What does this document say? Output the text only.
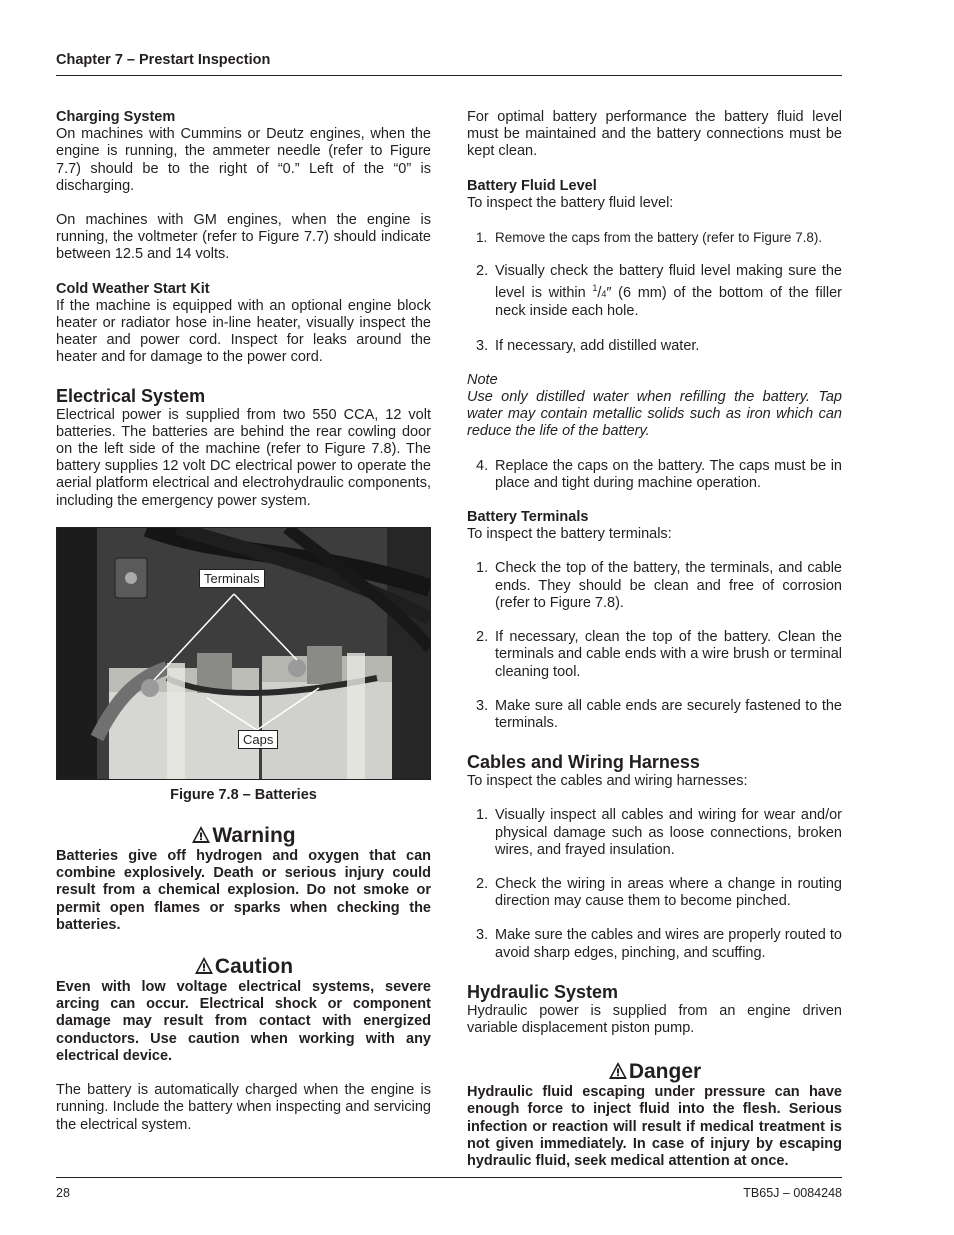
Chapter 7 – Prestart Inspection

Charging System

On machines with Cummins or Deutz engines, when the engine is running, the ammeter needle (refer to Figure 7.7) should be to the right of “0.” Left of the “0” is discharging.

On machines with GM engines, when the engine is running, the voltmeter (refer to Figure 7.7) should indicate between 12.5 and 14 volts.

Cold Weather Start Kit

If the machine is equipped with an optional engine block heater or radiator hose in-line heater, visually inspect the heater and power cord. Inspect for leaks around the heater and for damage to the power cord.

Electrical System

Electrical power is supplied from two 550 CCA, 12 volt batteries. The batteries are behind the rear cowling door on the left side of the machine (refer to Figure 7.8). The battery supplies 12 volt DC electrical power to operate the aerial platform electrical and electrohydraulic components, including the emergency power system.

Terminals
Caps

Figure 7.8 – Batteries

Warning

Batteries give off hydrogen and oxygen that can combine explosively. Death or serious injury could result from a chemical explosion. Do not smoke or permit open flames or sparks when checking the batteries.

Caution

Even with low voltage electrical systems, severe arcing can occur. Electrical shock or component damage may result from contact with energized conductors. Use caution when working with any electrical device.

The battery is automatically charged when the engine is running. Include the battery when inspecting and servicing the electrical system.

For optimal battery performance the battery fluid level must be maintained and the battery connections must be kept clean.

Battery Fluid Level

To inspect the battery fluid level:

1. Remove the caps from the battery (refer to Figure 7.8).
2. Visually check the battery fluid level making sure the level is within $^1$/4″ (6 mm) of the bottom of the filler neck inside each hole.
3. If necessary, add distilled water.

Note

Use only distilled water when refilling the battery. Tap water may contain metallic solids such as iron which can reduce the life of the battery.

4. Replace the caps on the battery. The caps must be in place and tight during machine operation.

Battery Terminals

To inspect the battery terminals:

1. Check the top of the battery, the terminals, and cable ends. They should be clean and free of corrosion (refer to Figure 7.8).
2. If necessary, clean the top of the battery. Clean the terminals and cable ends with a wire brush or terminal cleaning tool.
3. Make sure all cable ends are securely fastened to the terminals.

Cables and Wiring Harness

To inspect the cables and wiring harnesses:

1. Visually inspect all cables and wiring for wear and/or physical damage such as loose connections, broken wires, and frayed insulation.
2. Check the wiring in areas where a change in routing direction may cause them to become pinched.
3. Make sure the cables and wires are properly routed to avoid sharp edges, pinching, and scuffing.

Hydraulic System

Hydraulic power is supplied from an engine driven variable displacement piston pump.

Danger

Hydraulic fluid escaping under pressure can have enough force to inject fluid into the flesh. Serious infection or reaction will result if medical treatment is not given immediately. In case of injury by escaping hydraulic fluid, seek medical attention at once.

28	TB65J – 0084248
